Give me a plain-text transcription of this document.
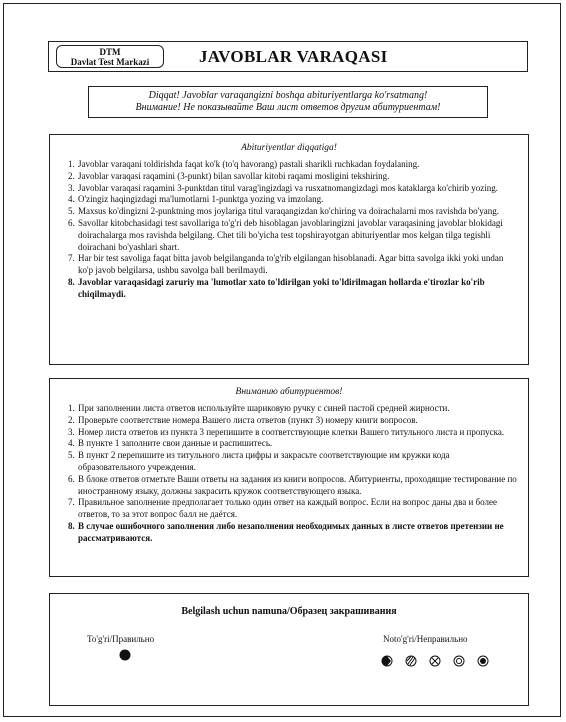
DTM
Davlat Test Markazi	JAVOBLAR VARAQASI
Diqqat! Javoblar varaqangizni boshqa abituriyentlarga ko'rsatmang!
Внимание! Не показывайте Ваш лист ответов другим абитуриентам!
Abituriyentlar diqqatiga!
1. Javoblar varaqani toldirishda faqat ko'k (to'q havorang) pastali sharikli ruchkadan foydalaning.
2. Javoblar varaqasi raqamini (3-punkt) bilan savollar kitobi raqami mosligini tekshiring.
3. Javoblar varaqasi raqamini 3-punktdan titul varag'ingizdagi va rusxatnomangizdagi mos kataklarga ko'chirib yozing.
4. O'zingiz haqingizdagi ma'lumotlarni 1-punktga yozing va imzolang.
5. Maxsus ko'dingizni 2-punktning mos joylariga titul varaqangizdan ko'chiring va doirachalarni mos ravishda bo'yang.
6. Savollar kitobchasidagi test savollariga to'g'ri deb hisoblagan javoblaringizni javoblar varaqasining javoblar blokidagi doirachalarga mos ravishda belgilang. Chet tili bo'yicha test topshirayotgan abituriyentlar mos kelgan tilga tegishli doirachani bo'yashlari shart.
7. Har bir test savoliga faqat bitta javob belgilanganda to'g'rib elgilangan hisoblanadi. Agar bitta savolga ikki yoki undan ko'p javob belgilarsa, ushbu savolga ball berilmaydi.
8. Javoblar varaqasidagi zaruriy ma 'lumotlar xato to'ldirilgan yoki to'ldirilmagan hollarda e'tirozlar ko'rib chiqilmaydi.
Вниманию абитуриентов!
1. При заполнении листа ответов используйте шариковую ручку с синей пастой средней жирности.
2. Проверьте соответствие номера Вашего листа ответов (пункт 3) номеру книги вопросов.
3. Номер листа ответов из пункта 3 перепишите в соответствующие клетки Вашего титульного листа и пропуска.
4. В пункте 1 заполните свои данные и распишитесь.
5. В пункт 2 перепишите из титульного листа цифры и закрасьте соответствующие им кружки кода образовательного учреждения.
6. В блоке ответов отметьте Ваши ответы на задания из книги вопросов. Абитуриенты, проходящие тестирование по иностранному языку, должны закрасить кружок соответствующего языка.
7. Правильное заполнение предполагает только один ответ на каждый вопрос. Если на вопрос даны два и более ответов, то за этот вопрос балл не даётся.
8. В случае ошибочного заполнения либо незаполнения необходимых данных в листе ответов претензии не рассматриваются.
Belgilash uchun namuna/Образец закрашивания
To'g'ri/Правильно	Noto'g'ri/Неправильно
